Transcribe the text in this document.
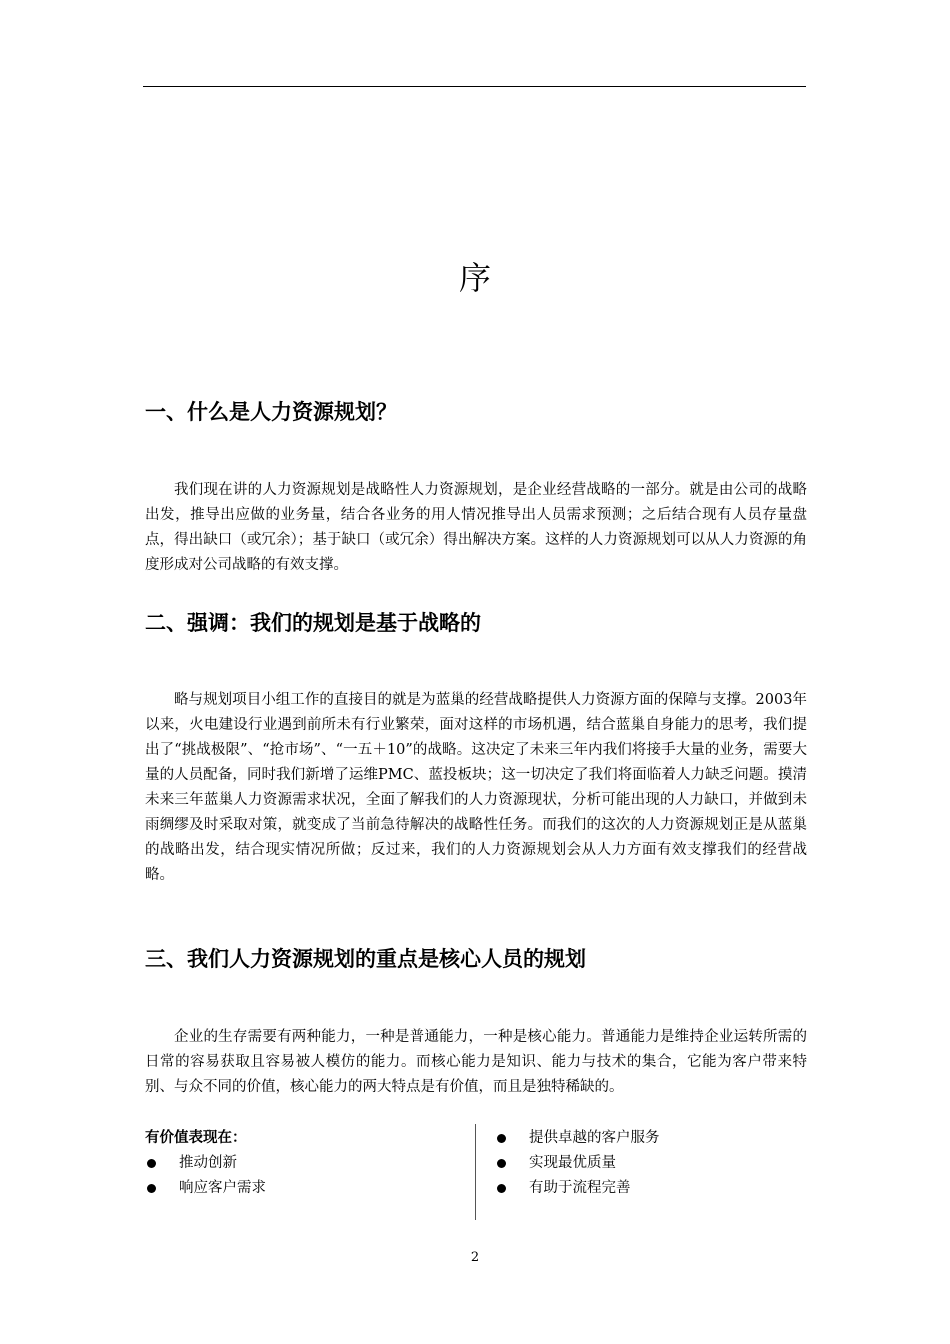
序
一、什么是人力资源规划？
我们现在讲的人力资源规划是战略性人力资源规划，是企业经营战略的一部分。就是由公司的战略出发，推导出应做的业务量，结合各业务的用人情况推导出人员需求预测；之后结合现有人员存量盘点，得出缺口（或冗余）；基于缺口（或冗余）得出解决方案。这样的人力资源规划可以从人力资源的角度形成对公司战略的有效支撑。
二、强调：我们的规划是基于战略的
略与规划项目小组工作的直接目的就是为蓝巢的经营战略提供人力资源方面的保障与支撑。2003年以来，火电建设行业遇到前所未有行业繁荣，面对这样的市场机遇，结合蓝巢自身能力的思考，我们提出了“挑战极限”、“抢市场”、“一五＋10”的战略。这决定了未来三年内我们将接手大量的业务，需要大量的人员配备，同时我们新增了运维PMC、蓝投板块；这一切决定了我们将面临着人力缺乏问题。摸清未来三年蓝巢人力资源需求状况，全面了解我们的人力资源现状，分析可能出现的人力缺口，并做到未雨绸缪及时采取对策，就变成了当前急待解决的战略性任务。而我们的这次的人力资源规划正是从蓝巢的战略出发，结合现实情况所做；反过来，我们的人力资源规划会从人力方面有效支撑我们的经营战略。
三、我们人力资源规划的重点是核心人员的规划
企业的生存需要有两种能力，一种是普通能力，一种是核心能力。普通能力是维持企业运转所需的日常的容易获取且容易被人模仿的能力。而核心能力是知识、能力与技术的集合，它能为客户带来特别、与众不同的价值，核心能力的两大特点是有价值，而且是独特稀缺的。
有价值表现在：
推动创新
响应客户需求
提供卓越的客户服务
实现最优质量
有助于流程完善
2
